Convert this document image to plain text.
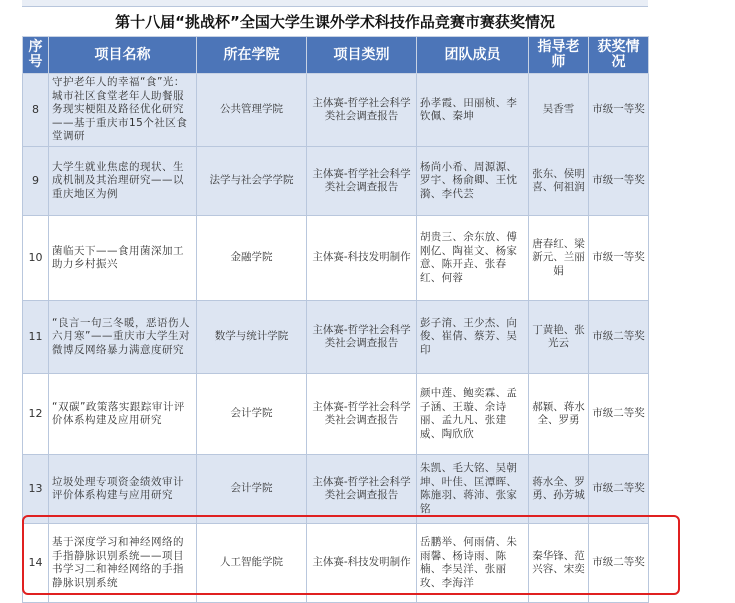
第十八届“挑战杯”全国大学生课外学术科技作品竞赛市赛获奖情况
序号	项目名称	所在学院	项目类别	团队成员	指导老师	获奖情况
8	守护老年人的幸福“食”光：城市社区食堂老年人助餐服务现实梗阻及路径优化研究——基于重庆市15个社区食堂调研	公共管理学院	主体赛-哲学社会科学类社会调查报告	孙孝霞、田丽桢、李钦佩、秦坤	吴香雪	市级一等奖
9	大学生就业焦虑的现状、生成机制及其治理研究——以重庆地区为例	法学与社会学学院	主体赛-哲学社会科学类社会调查报告	杨尚小希、周源源、罗宇、杨俞卿、王忱漪、李代芸	张东、侯明喜、何祖润	市级一等奖
10	菌临天下——食用菌深加工助力乡村振兴	金融学院	主体赛-科技发明制作	胡贵三、余东放、傅刚亿、陶崔文、杨家意、陈开垚、张春红、何蓉	唐春红、梁新元、兰丽娟	市级一等奖
11	“良言一句三冬暖，恶语伤人六月寒”——重庆市大学生对微博反网络暴力满意度研究	数学与统计学院	主体赛-哲学社会科学类社会调查报告	彭子淯、王少杰、向俊、崔倩、蔡芳、吴印	丁黄艳、张光云	市级二等奖
12	“双碳”政策落实跟踪审计评价体系构建及应用研究	会计学院	主体赛-哲学社会科学类社会调查报告	颜中莲、鲍奕霖、孟子涵、王璇、余诗丽、孟九凡、张建威、陶欣欣	郝颖、蒋水全、罗勇	市级二等奖
13	垃圾处理专项资金绩效审计评价体系构建与应用研究	会计学院	主体赛-哲学社会科学类社会调查报告	朱凯、毛大铭、吴朝坤、叶佳、匡潭晖、陈施羽、蒋沛、张家铭	蒋水全、罗勇、孙芳城	市级二等奖
14	基于深度学习和神经网络的手指静脉识别系统——项目书学习二和神经网络的手指静脉识别系统	人工智能学院	主体赛-科技发明制作	岳鹏举、何雨倩、朱雨馨、杨诗雨、陈楠、李吴洋、张丽玫、李海洋	秦华锋、范兴容、宋奕	市级二等奖
